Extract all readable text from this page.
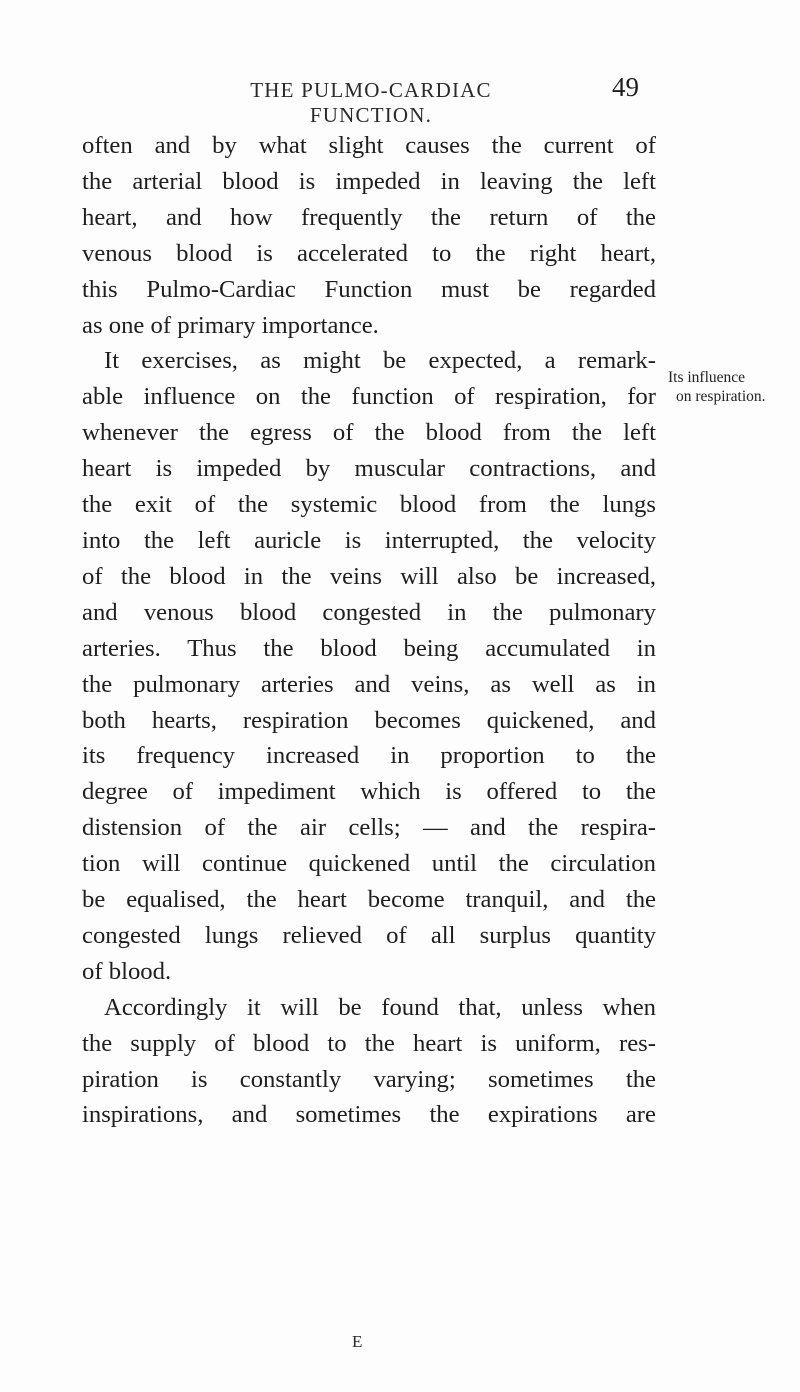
THE PULMO-CARDIAC FUNCTION.
49
often and by what slight causes the current of
the arterial blood is impeded in leaving the left
heart, and how frequently the return of the
venous blood is accelerated to the right heart,
this Pulmo-Cardiac Function must be regarded
as one of primary importance.
It exercises, as might be expected, a remark-
able influence on the function of respiration, for
whenever the egress of the blood from the left
heart is impeded by muscular contractions, and
the exit of the systemic blood from the lungs
into the left auricle is interrupted, the velocity
of the blood in the veins will also be increased,
and venous blood congested in the pulmonary
arteries. Thus the blood being accumulated in
the pulmonary arteries and veins, as well as in
both hearts, respiration becomes quickened, and
its frequency increased in proportion to the
degree of impediment which is offered to the
distension of the air cells; — and the respira-
tion will continue quickened until the circulation
be equalised, the heart become tranquil, and the
congested lungs relieved of all surplus quantity
of blood.
Accordingly it will be found that, unless when
the supply of blood to the heart is uniform, res-
piration is constantly varying; sometimes the
inspirations, and sometimes the expirations are
Its influence
on respiration.
E
